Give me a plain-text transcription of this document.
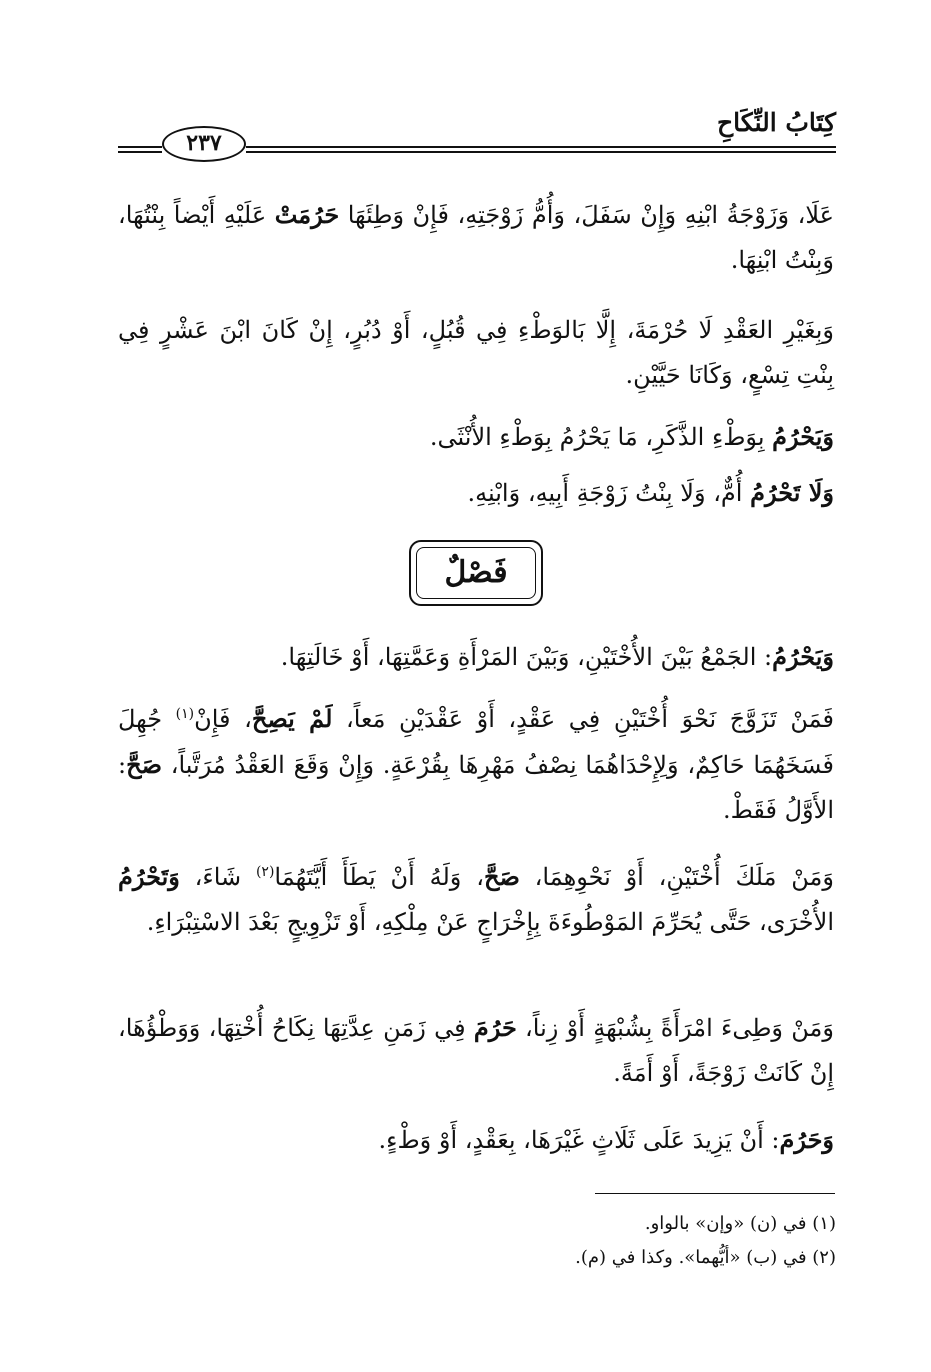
كِتَابُ النِّكَاحِ
٢٣٧
عَلَا، وَزَوْجَةُ ابْنِهِ وَإِنْ سَفَلَ، وَأُمُّ زَوْجَتِهِ، فَإِنْ وَطِئَهَا حَرُمَتْ عَلَيْهِ أَيْضاً بِنْتُهَا، وَبِنْتُ ابْنِهَا.
وَبِغَيْرِ العَقْدِ لَا حُرْمَةَ، إِلَّا بَالوَطْءِ فِي قُبُلٍ، أَوْ دُبُرٍ، إِنْ كَانَ ابْنَ عَشْرٍ فِي بِنْتِ تِسْعٍ، وَكَانَا حَيَّيْنِ.
وَيَحْرُمُ بِوَطْءِ الذَّكَرِ، مَا يَحْرُمُ بِوَطْءِ الأُنْثَى.
وَلَا تَحْرُمُ أُمٌّ، وَلَا بِنْتُ زَوْجَةِ أَبِيهِ، وَابْنِهِ.
فَصْلٌ
وَيَحْرُمُ: الجَمْعُ بَيْنَ الأُخْتَيْنِ، وَبَيْنَ المَرْأَةِ وَعَمَّتِهَا، أَوْ خَالَتِهَا.
فَمَنْ تَزَوَّجَ نَحْوَ أُخْتَيْنِ فِي عَقْدٍ، أَوْ عَقْدَيْنِ مَعاً، لَمْ يَصِحَّ، فَإِنْ$^{(١)}$ جُهِلَ فَسَخَهُمَا حَاكِمٌ، وَلِإِحْدَاهُمَا نِصْفُ مَهْرِهَا بِقُرْعَةٍ. وَإِنْ وَقَعَ العَقْدُ مُرَتَّباً، صَحَّ: الأَوَّلُ فَقَطْ.
وَمَنْ مَلَكَ أُخْتَيْنِ، أَوْ نَحْوِهِمَا، صَحَّ، وَلَهُ أَنْ يَطَأَ أَيَّتَهُمَا$^{(٢)}$ شَاءَ، وَتَحْرُمُ الأُخْرَى، حَتَّى يُحَرِّمَ المَوْطُوءَةَ بِإِخْرَاجٍ عَنْ مِلْكِهِ، أَوْ تَزْوِيجٍ بَعْدَ الاسْتِبْرَاءِ.
وَمَنْ وَطِىءَ امْرَأَةً بِشُبْهَةٍ أَوْ زِناً، حَرُمَ فِي زَمَنِ عِدَّتِهَا نِكَاحُ أُخْتِهَا، وَوَطْؤُهَا، إِنْ كَانَتْ زَوْجَةً، أَوْ أَمَةً.
وَحَرُمَ: أَنْ يَزِيدَ عَلَى ثَلَاثٍ غَيْرَهَا، بِعَقْدٍ، أَوْ وَطْءٍ.
(١) في (ن) «وإن» بالواو.
(٢) في (ب) «أيُّهما». وكذا في (م).
